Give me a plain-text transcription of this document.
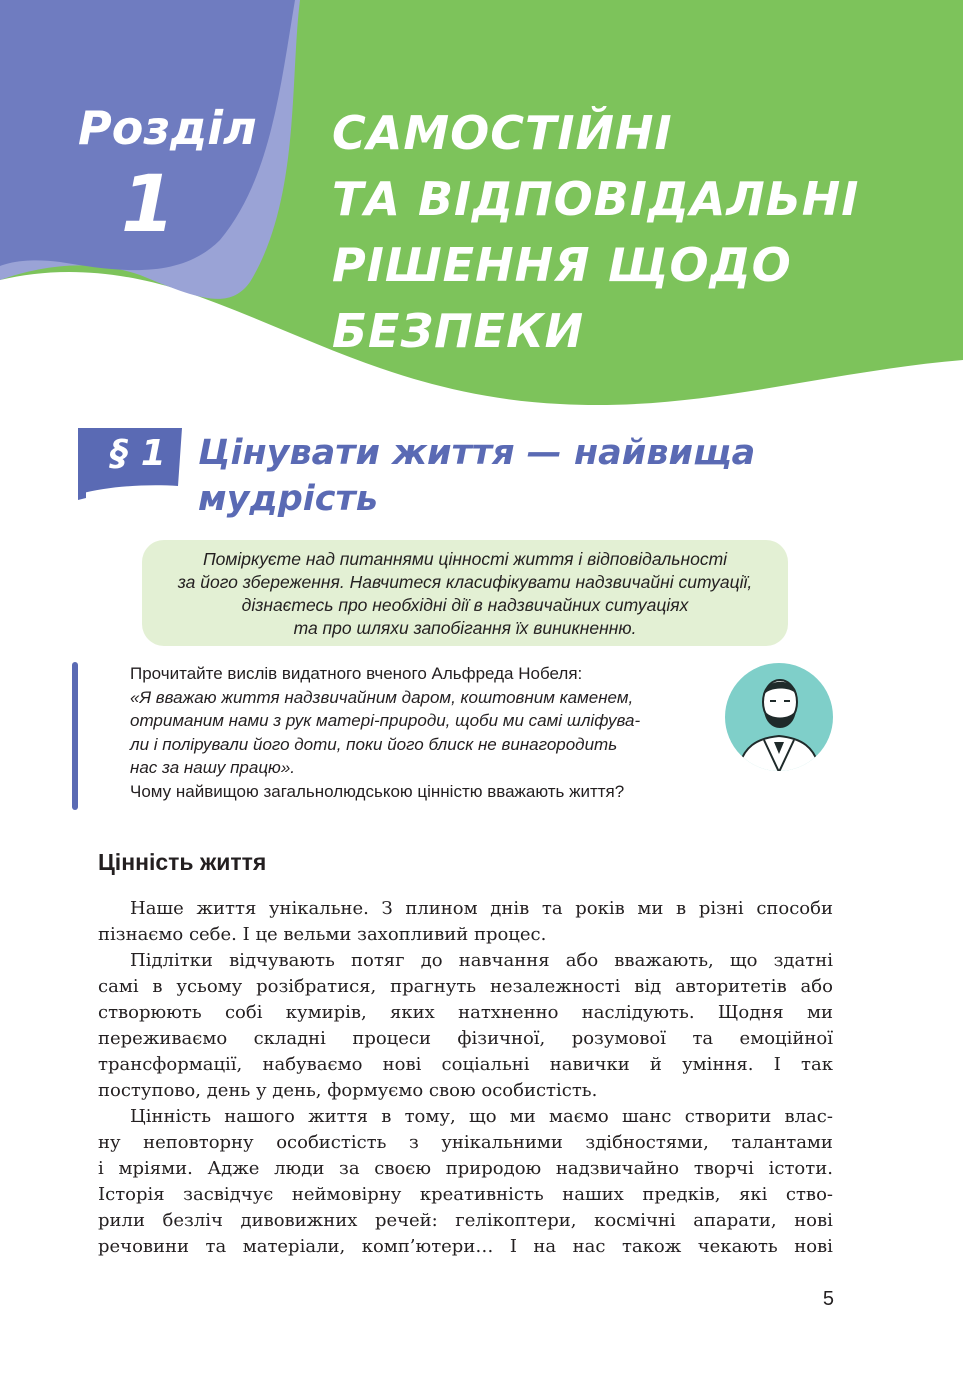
Розділ
1
САМОСТІЙНІ
ТА ВІДПОВІДАЛЬНІ
РІШЕННЯ ЩОДО
БЕЗПЕКИ
§ 1 Цінувати життя — найвища
мудрість
Поміркуєте над питаннями цінності життя і відповідальності
за його збереження. Навчитеся класифікувати надзвичайні ситуації,
дізнаєтесь про необхідні дії в надзвичайних ситуаціях
та про шляхи запобігання їх виникненню.
Прочитайте вислів видатного вченого Альфреда Нобеля:
«Я вважаю життя надзвичайним даром, коштовним каменем,
отриманим нами з рук матері-природи, щоби ми самі шліфува-
ли і полірували його доти, поки його блиск не винагородить
нас за нашу працю».
Чому найвищою загальнолюдською цінністю вважають життя?
Цінність життя
Наше життя унікальне. З плином днів та років ми в різні способи
пізнаємо себе. І це вельми захопливий процес.
Підлітки відчувають потяг до навчання або вважають, що здатні
самі в усьому розібратися, прагнуть незалежності від авторитетів або
створюють собі кумирів, яких натхненно наслідують. Щодня ми
переживаємо складні процеси фізичної, розумової та емоційної
трансформації, набуваємо нові соціальні навички й уміння. І так
поступово, день у день, формуємо свою особистість.
Цінність нашого життя в тому, що ми маємо шанс створити влас-
ну неповторну особистість з унікальними здібностями, талантами
і мріями. Адже люди за своєю природою надзвичайно творчі істоти.
Історія засвідчує неймовірну креативність наших предків, які ство-
рили безліч дивовижних речей: гелікоптери, космічні апарати, нові
речовини та матеріали, комп’ютери… І на нас також чекають нові
5
